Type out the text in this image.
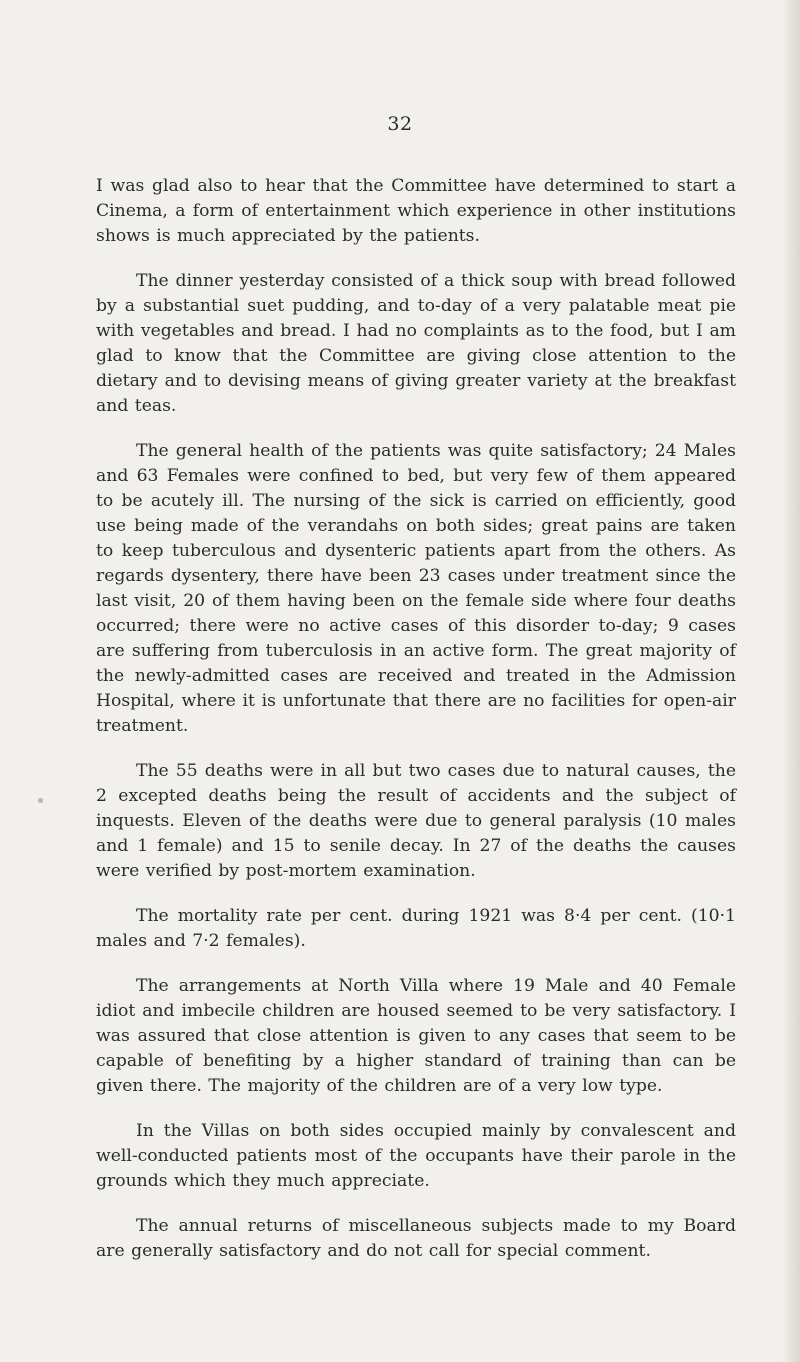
32

I was glad also to hear that the Committee have determined to start a Cinema, a form of entertainment which experience in other institutions shows is much appreciated by the patients.

The dinner yesterday consisted of a thick soup with bread followed by a substantial suet pudding, and to-day of a very palatable meat pie with vegetables and bread. I had no complaints as to the food, but I am glad to know that the Committee are giving close attention to the dietary and to devising means of giving greater variety at the breakfast and teas.

The general health of the patients was quite satisfactory; 24 Males and 63 Females were confined to bed, but very few of them appeared to be acutely ill. The nursing of the sick is carried on efficiently, good use being made of the verandahs on both sides; great pains are taken to keep tuberculous and dysenteric patients apart from the others. As regards dysentery, there have been 23 cases under treatment since the last visit, 20 of them having been on the female side where four deaths occurred; there were no active cases of this disorder to-day; 9 cases are suffering from tuberculosis in an active form. The great majority of the newly-admitted cases are received and treated in the Admission Hospital, where it is unfortunate that there are no facilities for open-air treatment.

The 55 deaths were in all but two cases due to natural causes, the 2 excepted deaths being the result of accidents and the subject of inquests. Eleven of the deaths were due to general paralysis (10 males and 1 female) and 15 to senile decay. In 27 of the deaths the causes were verified by post-mortem examination.

The mortality rate per cent. during 1921 was 8·4 per cent. (10·1 males and 7·2 females).

The arrangements at North Villa where 19 Male and 40 Female idiot and imbecile children are housed seemed to be very satisfactory. I was assured that close attention is given to any cases that seem to be capable of benefiting by a higher standard of training than can be given there. The majority of the children are of a very low type.

In the Villas on both sides occupied mainly by convalescent and well-conducted patients most of the occupants have their parole in the grounds which they much appreciate.

The annual returns of miscellaneous subjects made to my Board are generally satisfactory and do not call for special comment.
